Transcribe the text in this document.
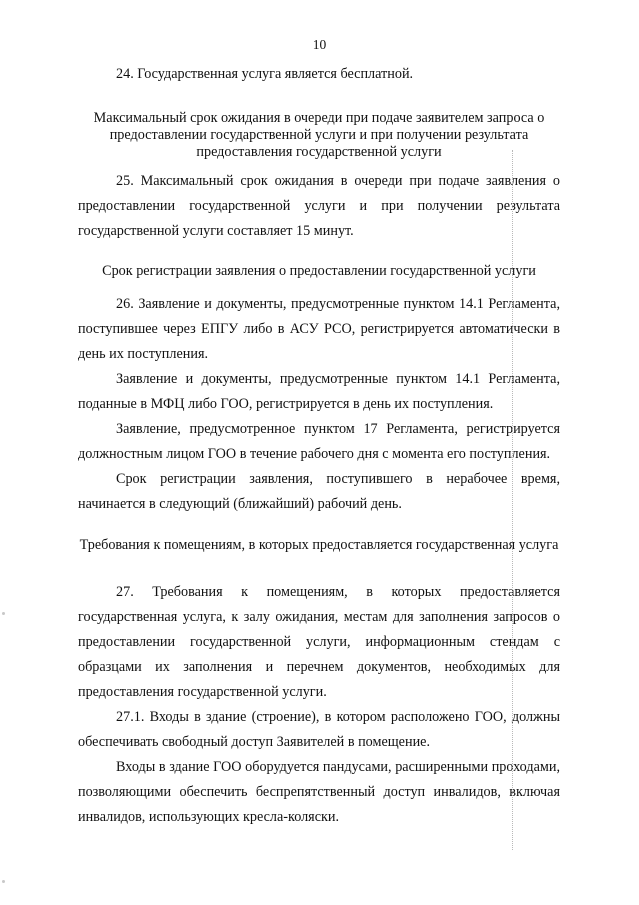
10

24. Государственная услуга является бесплатной.

Максимальный срок ожидания в очереди при подаче заявителем запроса о предоставлении государственной услуги и при получении результата предоставления государственной услуги

25. Максимальный срок ожидания в очереди при подаче заявления о предоставлении государственной услуги и при получении результата государственной услуги составляет 15 минут.

Срок регистрации заявления о предоставлении государственной услуги

26. Заявление и документы, предусмотренные пунктом 14.1 Регламента, поступившее через ЕПГУ либо в АСУ РСО, регистрируется автоматически в день их поступления.

Заявление и документы, предусмотренные пунктом 14.1 Регламента, поданные в МФЦ либо ГОО, регистрируется в день их поступления.

Заявление, предусмотренное пунктом 17 Регламента, регистрируется должностным лицом ГОО в течение рабочего дня с момента его поступления.

Срок регистрации заявления, поступившего в нерабочее время, начинается в следующий (ближайший) рабочий день.

Требования к помещениям, в которых предоставляется государственная услуга

27. Требования к помещениям, в которых предоставляется государственная услуга, к залу ожидания, местам для заполнения запросов о предоставлении государственной услуги, информационным стендам с образцами их заполнения и перечнем документов, необходимых для предоставления государственной услуги.

27.1. Входы в здание (строение), в котором расположено ГОО, должны обеспечивать свободный доступ Заявителей в помещение.

Входы в здание ГОО оборудуется пандусами, расширенными проходами, позволяющими обеспечить беспрепятственный доступ инвалидов, включая инвалидов, использующих кресла-коляски.
